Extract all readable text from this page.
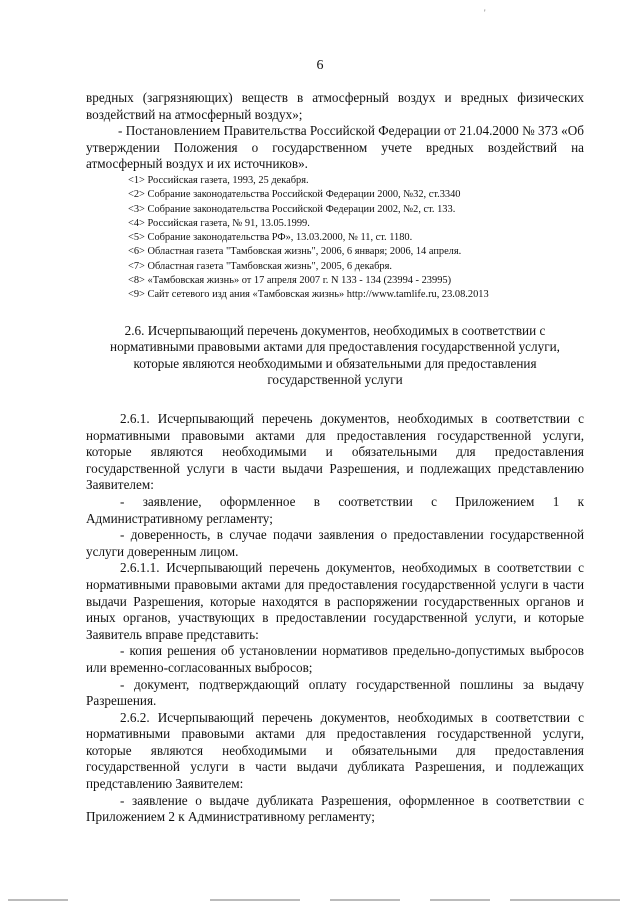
'
6

вредных (загрязняющих) веществ в атмосферный воздух и вредных физических воздействий на атмосферный воздух»;

- Постановлением Правительства Российской Федерации от 21.04.2000 № 373 «Об утверждении Положения о государственном учете вредных воздействий на атмосферный воздух и их источников».

<1> Российская газета, 1993, 25 декабря.

<2> Собрание законодательства Российской Федерации 2000, №32, ст.3340

<3> Собрание законодательства Российской Федерации 2002, №2, ст. 133.

<4> Российская газета, № 91, 13.05.1999.

<5> Собрание законодательства РФ», 13.03.2000, № 11, ст. 1180.

<6> Областная газета "Тамбовская жизнь", 2006, 6 января; 2006, 14 апреля.

<7> Областная газета "Тамбовская жизнь", 2005, 6 декабря.

<8> «Тамбовская жизнь» от 17 апреля 2007 г. N 133 - 134 (23994 - 23995)

<9> Сайт сетевого изд ания «Тамбовская жизнь» http://www.tamlife.ru, 23.08.2013

2.6. Исчерпывающий перечень документов, необходимых в соответствии с нормативными правовыми актами для предоставления государственной услуги, которые являются необходимыми и обязательными для предоставления государственной услуги

2.6.1. Исчерпывающий перечень документов, необходимых в соответствии с нормативными правовыми актами для предоставления государственной услуги, которые являются необходимыми и обязательными для предоставления государственной услуги в части выдачи Разрешения, и подлежащих представлению Заявителем:

- заявление, оформленное в соответствии с Приложением 1 к Административному регламенту;

- доверенность, в случае подачи заявления о предоставлении государственной услуги доверенным лицом.

2.6.1.1. Исчерпывающий перечень документов, необходимых в соответствии с нормативными правовыми актами для предоставления государственной услуги в части выдачи Разрешения, которые находятся в распоряжении государственных органов и иных органов, участвующих в предоставлении государственной услуги, и которые Заявитель вправе представить:

- копия решения об установлении нормативов предельно-допустимых выбросов или временно-согласованных выбросов;

- документ, подтверждающий оплату государственной пошлины за выдачу Разрешения.

2.6.2. Исчерпывающий перечень документов, необходимых в соответствии с нормативными правовыми актами для предоставления государственной услуги, которые являются необходимыми и обязательными для предоставления государственной услуги в части выдачи дубликата Разрешения, и подлежащих представлению Заявителем:

- заявление о выдаче дубликата Разрешения, оформленное в соответствии с Приложением 2 к Административному регламенту;
